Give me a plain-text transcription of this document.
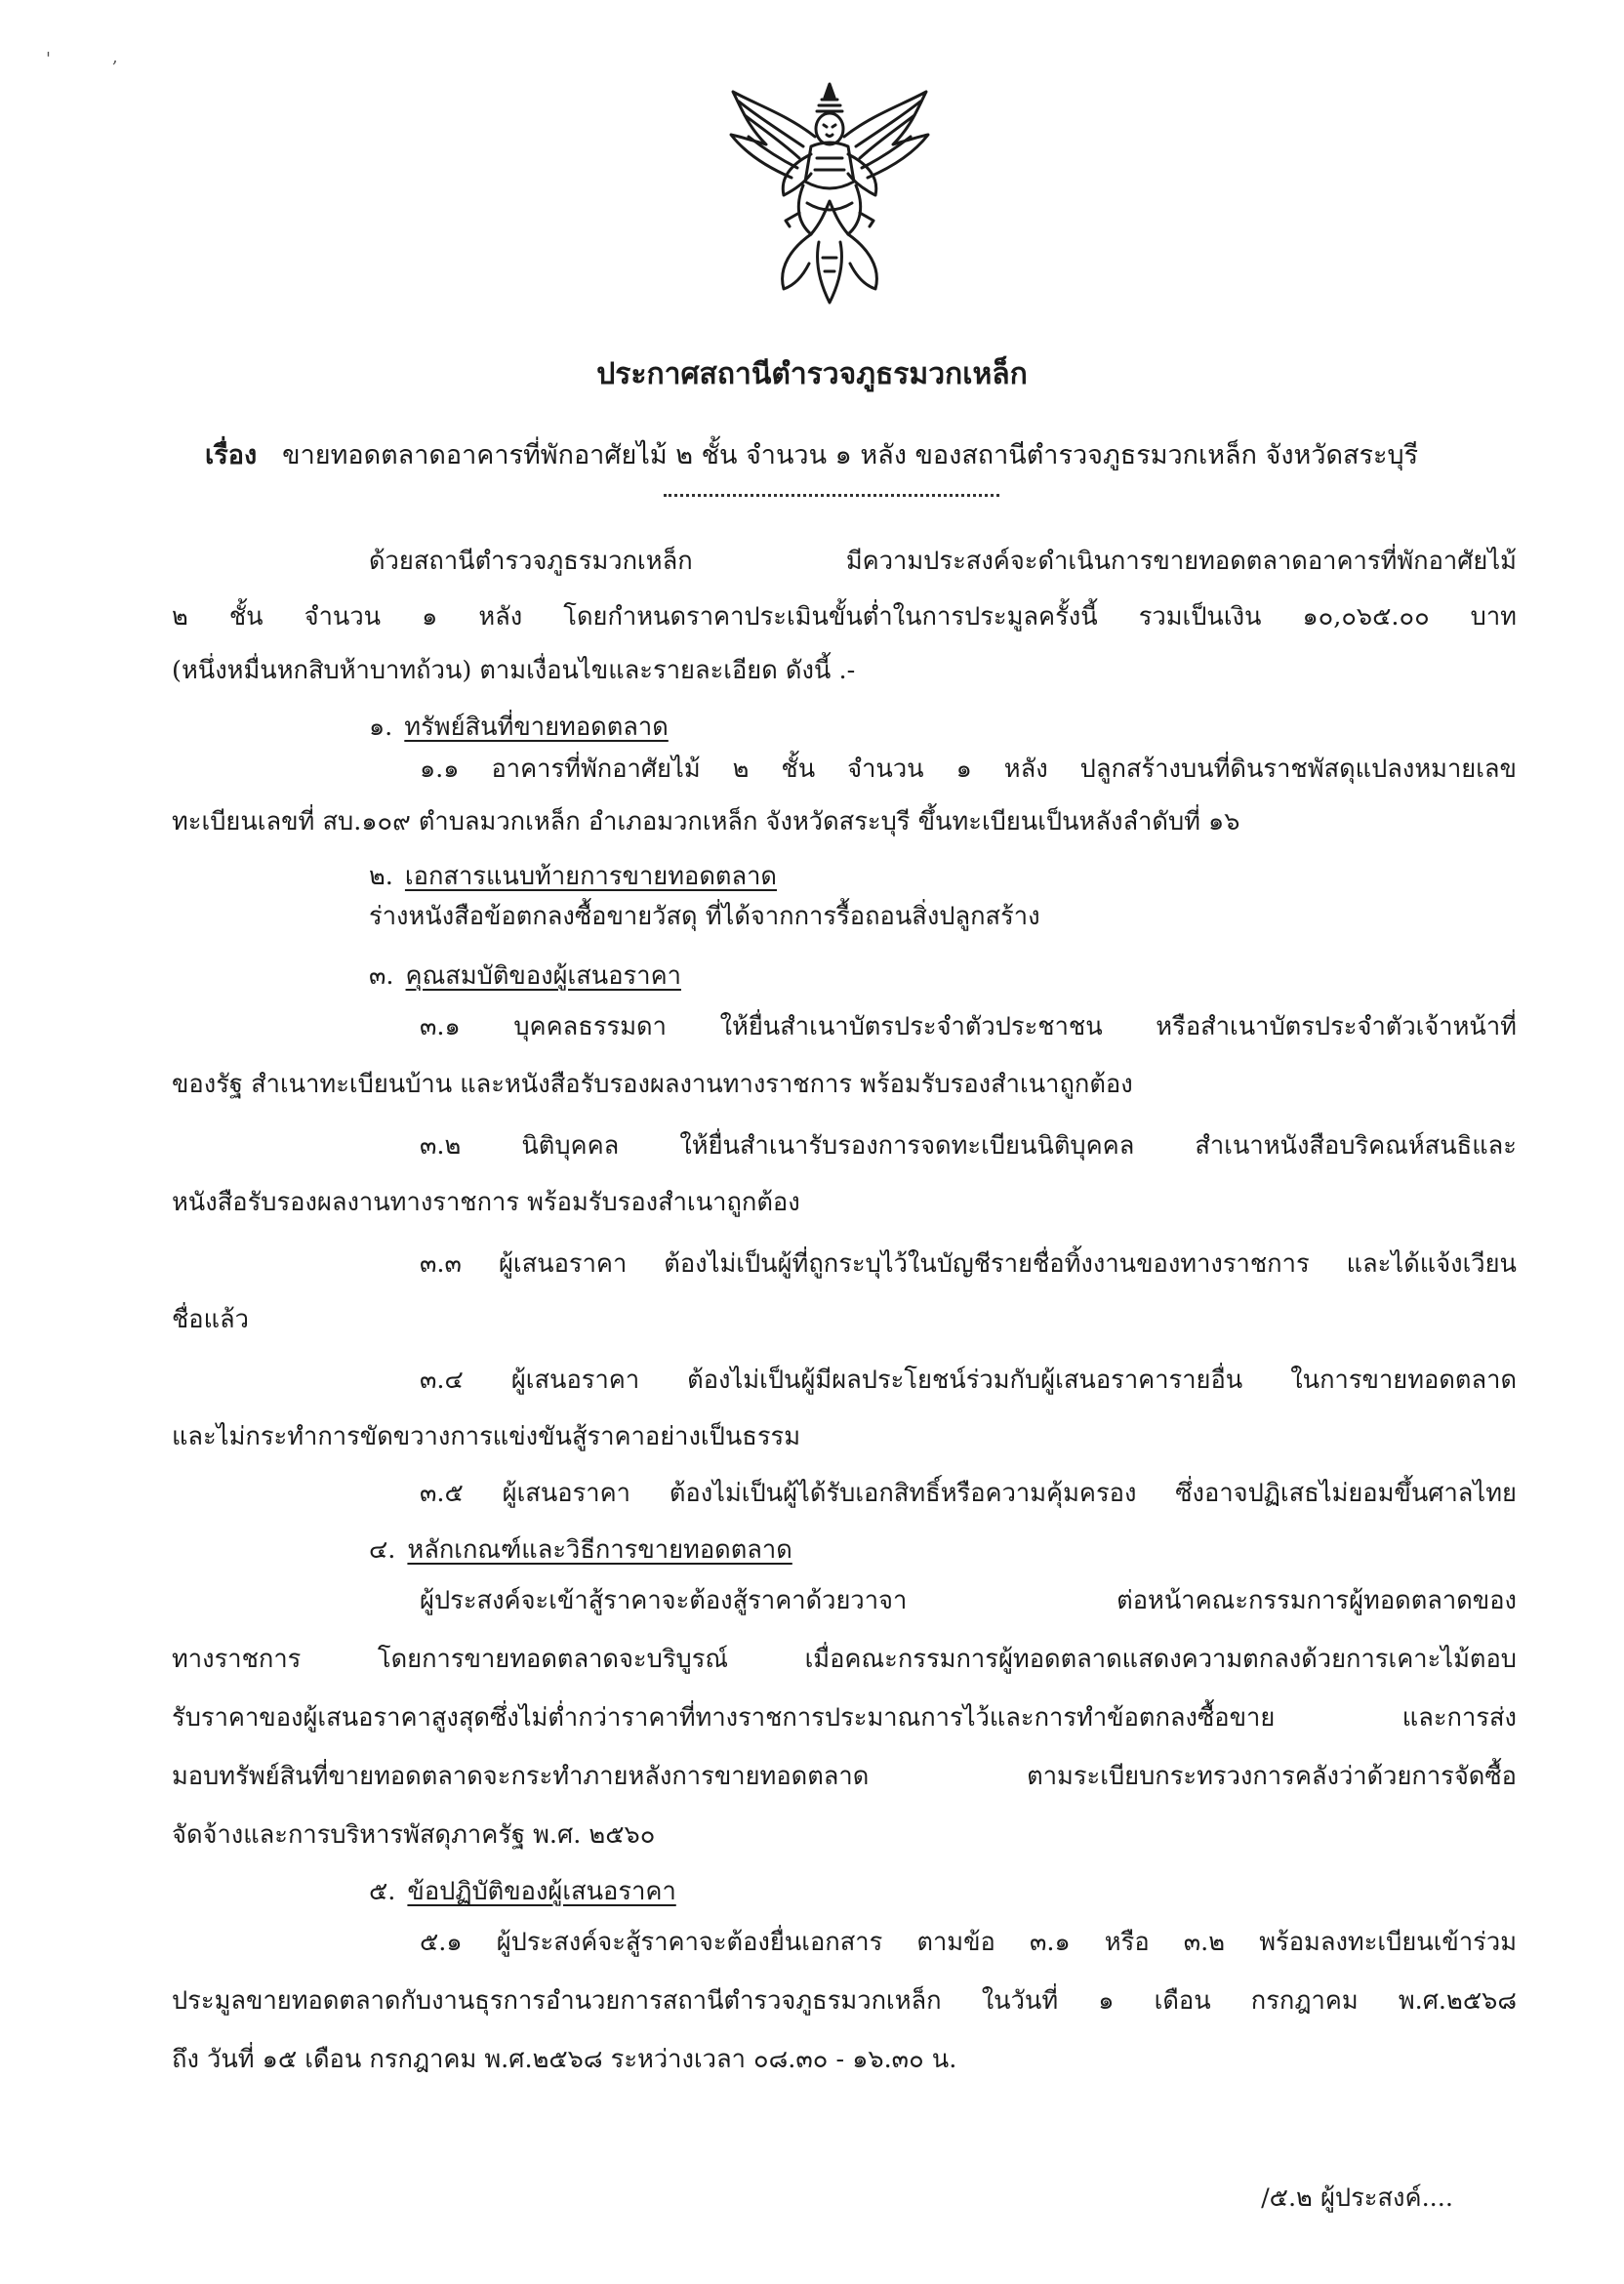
'	,
ประกาศสถานีตำรวจภูธรมวกเหล็ก
เรื่อง ขายทอดตลาดอาคารที่พักอาศัยไม้ ๒ ชั้น จำนวน ๑ หลัง ของสถานีตำรวจภูธรมวกเหล็ก จังหวัดสระบุรี
ด้วยสถานีตำรวจภูธรมวกเหล็ก มีความประสงค์จะดำเนินการขายทอดตลาดอาคารที่พักอาศัยไม้
๒ ชั้น จำนวน ๑ หลัง โดยกำหนดราคาประเมินขั้นต่ำในการประมูลครั้งนี้ รวมเป็นเงิน ๑๐,๐๖๕.๐๐ บาท
(หนึ่งหมื่นหกสิบห้าบาทถ้วน) ตามเงื่อนไขและรายละเอียด ดังนี้ .-
๑. ทรัพย์สินที่ขายทอดตลาด
๑.๑ อาคารที่พักอาศัยไม้ ๒ ชั้น จำนวน ๑ หลัง ปลูกสร้างบนที่ดินราชพัสดุแปลงหมายเลข
ทะเบียนเลขที่ สบ.๑๐๙ ตำบลมวกเหล็ก อำเภอมวกเหล็ก จังหวัดสระบุรี ขึ้นทะเบียนเป็นหลังลำดับที่ ๑๖
๒. เอกสารแนบท้ายการขายทอดตลาด
ร่างหนังสือข้อตกลงซื้อขายวัสดุ ที่ได้จากการรื้อถอนสิ่งปลูกสร้าง
๓. คุณสมบัติของผู้เสนอราคา
๓.๑ บุคคลธรรมดา ให้ยื่นสำเนาบัตรประจำตัวประชาชน หรือสำเนาบัตรประจำตัวเจ้าหน้าที่
ของรัฐ สำเนาทะเบียนบ้าน และหนังสือรับรองผลงานทางราชการ พร้อมรับรองสำเนาถูกต้อง
๓.๒ นิติบุคคล ให้ยื่นสำเนารับรองการจดทะเบียนนิติบุคคล สำเนาหนังสือบริคณห์สนธิและ
หนังสือรับรองผลงานทางราชการ พร้อมรับรองสำเนาถูกต้อง
๓.๓ ผู้เสนอราคา ต้องไม่เป็นผู้ที่ถูกระบุไว้ในบัญชีรายชื่อทิ้งงานของทางราชการ และได้แจ้งเวียน
ชื่อแล้ว
๓.๔ ผู้เสนอราคา ต้องไม่เป็นผู้มีผลประโยชน์ร่วมกับผู้เสนอราคารายอื่น ในการขายทอดตลาด
และไม่กระทำการขัดขวางการแข่งขันสู้ราคาอย่างเป็นธรรม
๓.๕ ผู้เสนอราคา ต้องไม่เป็นผู้ได้รับเอกสิทธิ์หรือความคุ้มครอง ซึ่งอาจปฏิเสธไม่ยอมขึ้นศาลไทย
๔. หลักเกณฑ์และวิธีการขายทอดตลาด
ผู้ประสงค์จะเข้าสู้ราคาจะต้องสู้ราคาด้วยวาจา ต่อหน้าคณะกรรมการผู้ทอดตลาดของ
ทางราชการ โดยการขายทอดตลาดจะบริบูรณ์ เมื่อคณะกรรมการผู้ทอดตลาดแสดงความตกลงด้วยการเคาะไม้ตอบ
รับราคาของผู้เสนอราคาสูงสุดซึ่งไม่ต่ำกว่าราคาที่ทางราชการประมาณการไว้และการทำข้อตกลงซื้อขาย และการส่ง
มอบทรัพย์สินที่ขายทอดตลาดจะกระทำภายหลังการขายทอดตลาด ตามระเบียบกระทรวงการคลังว่าด้วยการจัดซื้อ
จัดจ้างและการบริหารพัสดุภาครัฐ พ.ศ. ๒๕๖๐
๕. ข้อปฏิบัติของผู้เสนอราคา
๕.๑ ผู้ประสงค์จะสู้ราคาจะต้องยื่นเอกสาร ตามข้อ ๓.๑ หรือ ๓.๒ พร้อมลงทะเบียนเข้าร่วม
ประมูลขายทอดตลาดกับงานธุรการอำนวยการสถานีตำรวจภูธรมวกเหล็ก ในวันที่ ๑ เดือน กรกฎาคม พ.ศ.๒๕๖๘
ถึง วันที่ ๑๕ เดือน กรกฎาคม พ.ศ.๒๕๖๘ ระหว่างเวลา ๐๘.๓๐ - ๑๖.๓๐ น.
/๕.๒ ผู้ประสงค์....
